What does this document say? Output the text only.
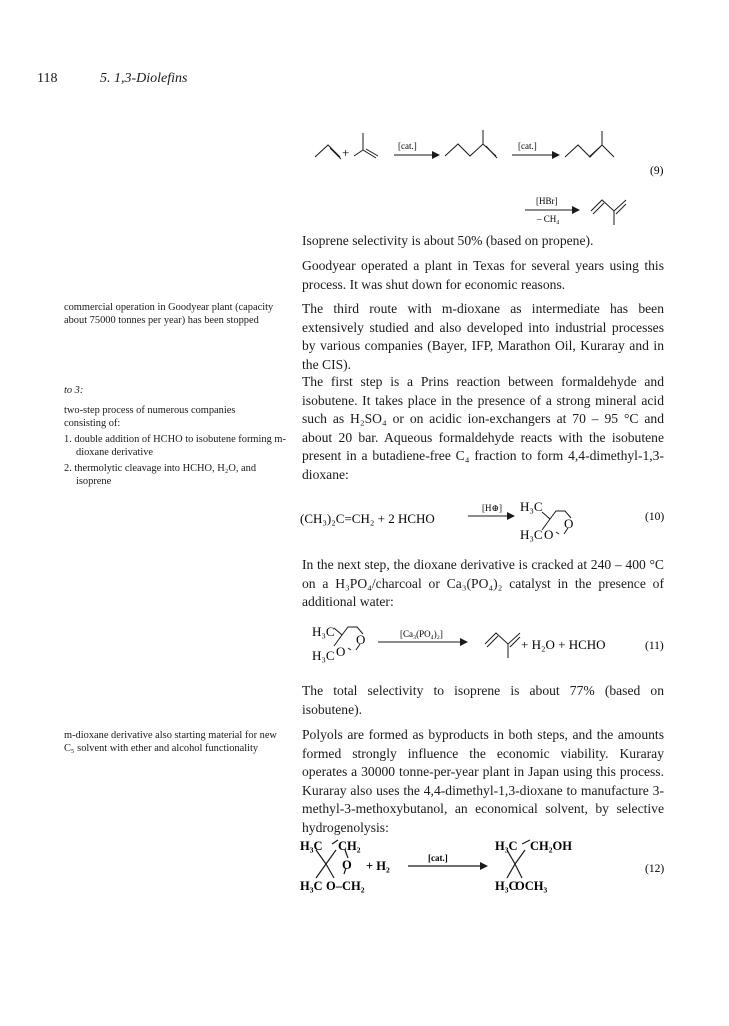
118	5. 1,3-Diolefins
+	[cat.]	[cat.]
[HBr]
– CH₄
(9)

Isoprene selectivity is about 50% (based on propene).

Goodyear operated a plant in Texas for several years using this process. It was shut down for economic reasons.

The third route with m-dioxane as intermediate has been extensively studied and also developed into industrial processes by various companies (Bayer, IFP, Marathon Oil, Kuraray and in the CIS).

The first step is a Prins reaction between formaldehyde and isobutene. It takes place in the presence of a strong mineral acid such as H₂SO₄ or on acidic ion-exchangers at 70 – 95 °C and about 20 bar. Aqueous formaldehyde reacts with the isobutene present in a butadiene-free C₄ fraction to form 4,4-dimethyl-1,3-dioxane:

commercial operation in Goodyear plant (capacity about 75000 tonnes per year) has been stopped
to 3:
two-step process of numerous companies consisting of:
1. double addition of HCHO to isobutene forming m-dioxane derivative
2. thermolytic cleavage into HCHO, H₂O, and isoprene
m-dioxane derivative also starting material for new C₅ solvent with ether and alcohol functionality
(CH₃)₂C=CH₂ + 2 HCHO
[H⊕] H₃C
H₃C
O
O
(10)

In the next step, the dioxane derivative is cracked at 240 – 400 °C on a H₃PO₄/charcoal or Ca₃(PO₄)₂ catalyst in the presence of additional water:

H₃C
H₃C
O
O
[Ca₃(PO₄)₂]
+ H₂O + HCHO	(11)

The total selectivity to isoprene is about 77% (based on isobutene).

Polyols are formed as byproducts in both steps, and the amounts formed strongly influence the economic viability. Kuraray operates a 30000 tonne-per-year plant in Japan using this process. Kuraray also uses the 4,4-dimethyl-1,3-dioxane to manufacture 3-methyl-3-methoxybutanol, an economical solvent, by selective hydrogenolysis:

H₃C CH₂
O
H₃C O–CH₂
+ H₂
[cat.]
H₃C CH₂OH
H₃C
OCH₃
(12)
